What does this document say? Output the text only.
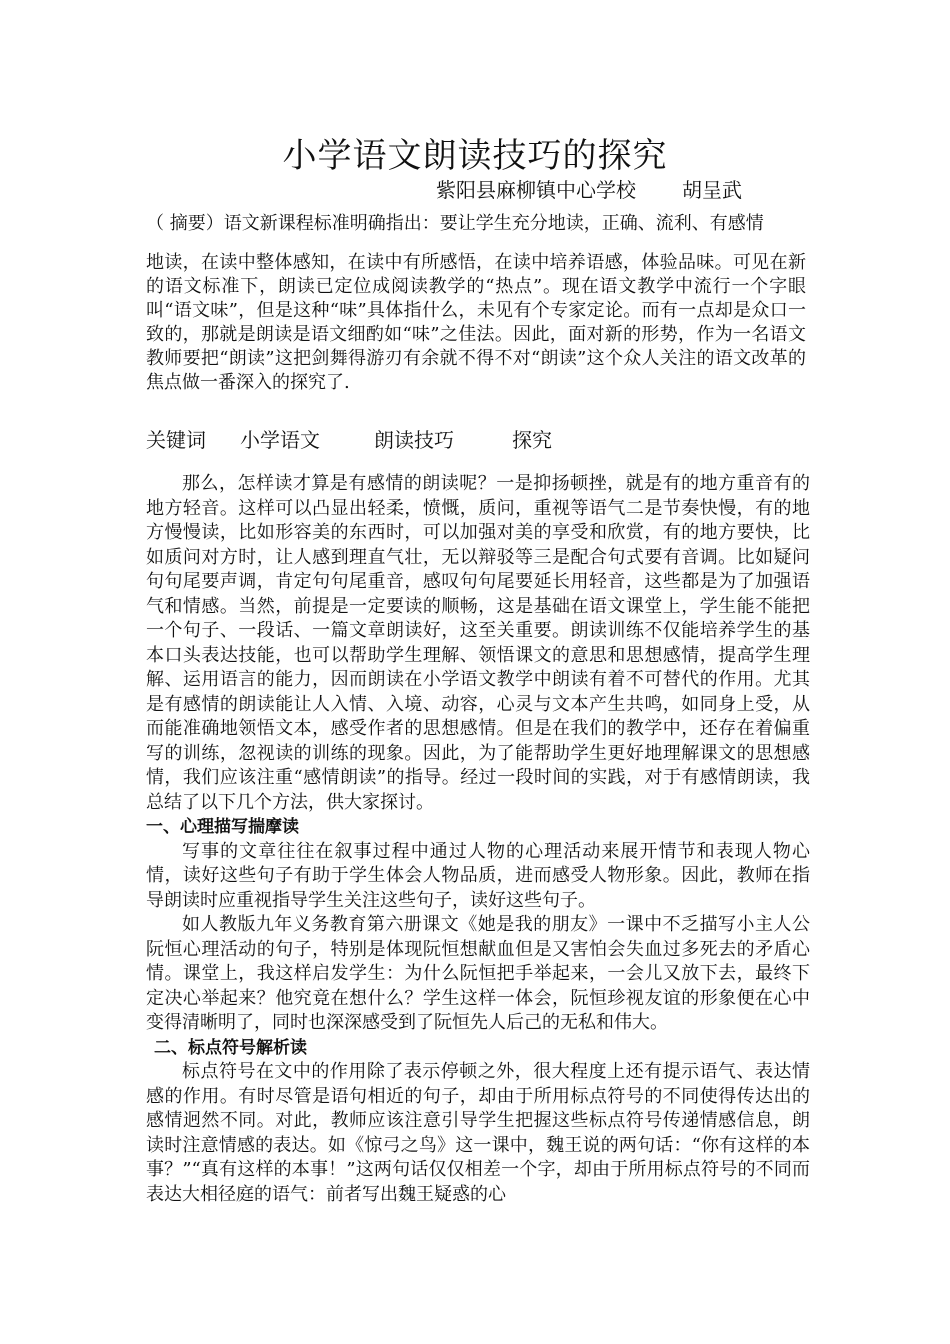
小学语文朗读技巧的探究
紫阳县麻柳镇中心学校 胡呈武
（ 摘要）语文新课程标准明确指出：要让学生充分地读，正确、流利、有感情
地读，在读中整体感知，在读中有所感悟，在读中培养语感，体验品味。可见在新的语文标准下，朗读已定位成阅读教学的“热点”。现在语文教学中流行一个字眼叫“语文味”，但是这种“味”具体指什么，未见有个专家定论。而有一点却是众口一致的，那就是朗读是语文细酌如“味”之佳法。因此，面对新的形势，作为一名语文教师要把“朗读”这把剑舞得游刃有余就不得不对“朗读”这个众人关注的语文改革的焦点做一番深入的探究了.
关键词 小学语文	朗读技巧	探究

那么，怎样读才算是有感情的朗读呢？一是抑扬顿挫，就是有的地方重音有的地方轻音。这样可以凸显出轻柔，愤慨，质问，重视等语气二是节奏快慢，有的地方慢慢读，比如形容美的东西时，可以加强对美的享受和欣赏，有的地方要快，比如质问对方时，让人感到理直气壮，无以辩驳等三是配合句式要有音调。比如疑问句句尾要声调，肯定句句尾重音，感叹句句尾要延长用轻音，这些都是为了加强语气和情感。当然，前提是一定要读的顺畅，这是基础在语文课堂上，学生能不能把一个句子、一段话、一篇文章朗读好，这至关重要。朗读训练不仅能培养学生的基本口头表达技能，也可以帮助学生理解、领悟课文的意思和思想感情，提高学生理解、运用语言的能力，因而朗读在小学语文教学中朗读有着不可替代的作用。尤其是有感情的朗读能让人入情、入境、动容，心灵与文本产生共鸣，如同身上受，从而能准确地领悟文本，感受作者的思想感情。但是在我们的教学中，还存在着偏重写的训练，忽视读的训练的现象。因此，为了能帮助学生更好地理解课文的思想感情，我们应该注重“感情朗读”的指导。经过一段时间的实践，对于有感情朗读，我总结了以下几个方法，供大家探讨。

一、心理描写揣摩读

写事的文章往往在叙事过程中通过人物的心理活动来展开情节和表现人物心情，读好这些句子有助于学生体会人物品质，进而感受人物形象。因此，教师在指导朗读时应重视指导学生关注这些句子，读好这些句子。

如人教版九年义务教育第六册课文《她是我的朋友》一课中不乏描写小主人公阮恒心理活动的句子，特别是体现阮恒想献血但是又害怕会失血过多死去的矛盾心情。课堂上，我这样启发学生：为什么阮恒把手举起来，一会儿又放下去，最终下定决心举起来？他究竟在想什么？学生这样一体会，阮恒珍视友谊的形象便在心中变得清晰明了，同时也深深感受到了阮恒先人后己的无私和伟大。

二、标点符号解析读

标点符号在文中的作用除了表示停顿之外，很大程度上还有提示语气、表达情感的作用。有时尽管是语句相近的句子，却由于所用标点符号的不同使得传达出的感情迥然不同。对此，教师应该注意引导学生把握这些标点符号传递情感信息，朗读时注意情感的表达。如《惊弓之鸟》这一课中，魏王说的两句话：“你有这样的本事？”“真有这样的本事！”这两句话仅仅相差一个字，却由于所用标点符号的不同而表达大相径庭的语气：前者写出魏王疑惑的心
